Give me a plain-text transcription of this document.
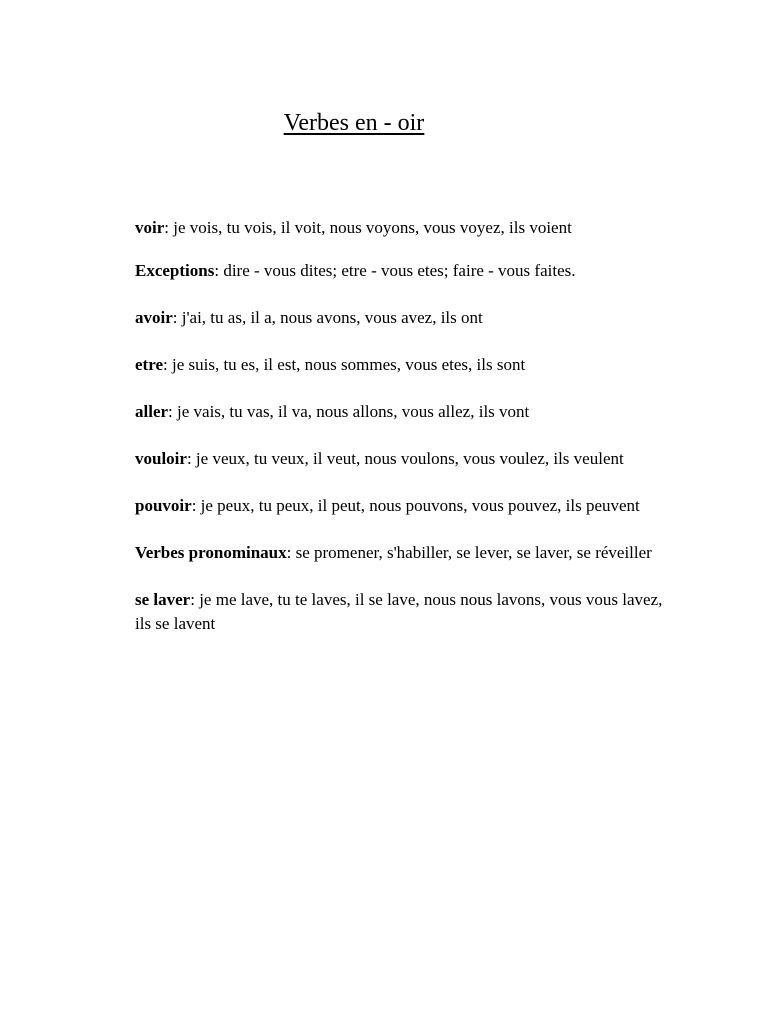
Verbes en - oir

voir: je vois, tu vois, il voit, nous voyons, vous voyez, ils voient

Exceptions: dire - vous dites; etre - vous etes; faire - vous faites.

avoir: j'ai, tu as, il a, nous avons, vous avez, ils ont

etre: je suis, tu es, il est, nous sommes, vous etes, ils sont

aller: je vais, tu vas, il va, nous allons, vous allez, ils vont

vouloir: je veux, tu veux, il veut, nous voulons, vous voulez, ils veulent

pouvoir: je peux, tu peux, il peut, nous pouvons, vous pouvez, ils peuvent

Verbes pronominaux: se promener, s'habiller, se lever, se laver, se réveiller

se laver: je me lave, tu te laves, il se lave, nous nous lavons, vous vous lavez, ils se lavent
